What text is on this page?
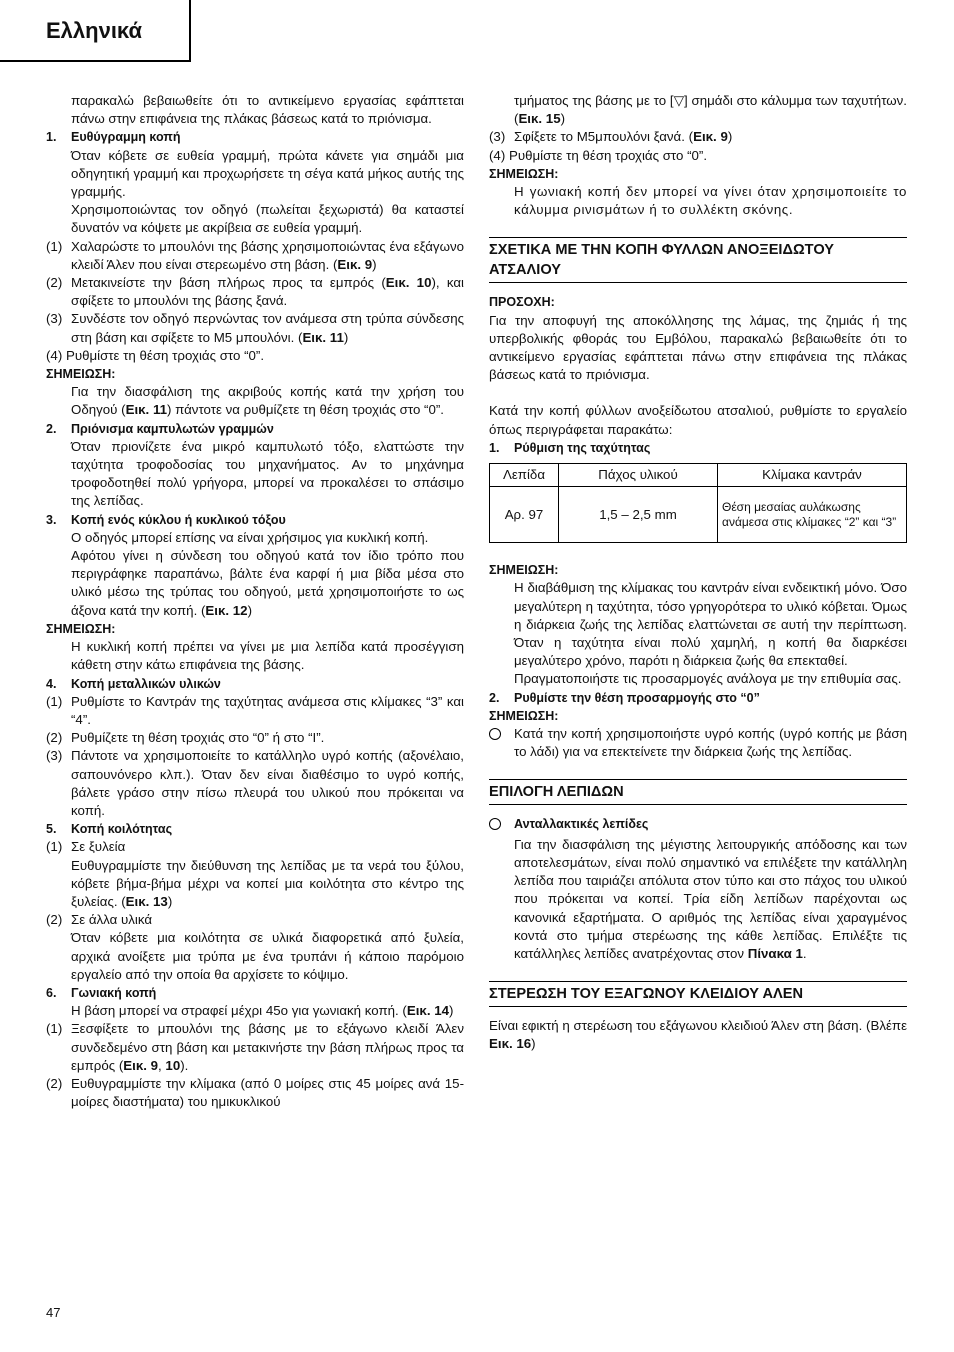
Ελληνικά

παρακαλώ βεβαιωθείτε ότι το αντικείμενο εργασίας εφάπτεται πάνω στην επιφάνεια της πλάκας βάσεως κατά το πριόνισμα.

1.	Ευθύγραμμη κοπή

Όταν κόβετε σε ευθεία γραμμή, πρώτα κάνετε για σημάδι μια οδηγητική γραμμή και προχωρήσετε τη σέγα κατά μήκος αυτής της γραμμής.

Χρησιμοποιώντας τον οδηγό (πωλείται ξεχωριστά) θα καταστεί δυνατόν να κόψετε με ακρίβεια σε ευθεία γραμμή.

(1) Χαλαρώστε το μπουλόνι της βάσης χρησιμοποιώντας ένα εξάγωνο κλειδί Άλεν που είναι στερεωμένο στη βάση. (Εικ. 9)
(2) Μετακινείστε την βάση πλήρως προς τα εμπρός (Εικ. 10), και σφίξετε το μπουλόνι της βάσης ξανά.
(3) Συνδέστε τον οδηγό περνώντας τον ανάμεσα στη τρύπα σύνδεσης στη βάση και σφίξετε το M5 μπουλόνι. (Εικ. 11)

(4) Ρυθμίστε τη θέση τροχιάς στο “0”.

ΣΗΜΕΙΩΣΗ:

Για την διασφάλιση της ακριβούς κοπής κατά την χρήση του Οδηγού (Εικ. 11) πάντοτε να ρυθμίζετε τη θέση τροχιάς στο “0”.

2.	Πριόνισμα καμπυλωτών γραμμών

Όταν πριονίζετε ένα μικρό καμπυλωτό τόξο, ελαττώστε την ταχύτητα τροφοδοσίας του μηχανήματος. Αν το μηχάνημα τροφοδοτηθεί πολύ γρήγορα, μπορεί να προκαλέσει το σπάσιμο της λεπίδας.

3.	Κοπή ενός κύκλου ή κυκλικού τόξου

Ο οδηγός μπορεί επίσης να είναι χρήσιμος για κυκλική κοπή.

Αφότου γίνει η σύνδεση του οδηγού κατά τον ίδιο τρόπο που περιγράφηκε παραπάνω, βάλτε ένα καρφί ή μια βίδα μέσα στο υλικό μέσω της τρύπας του οδηγού, μετά χρησιμοποιήστε το ως άξονα κατά την κοπή. (Εικ. 12)

ΣΗΜΕΙΩΣΗ:

Η κυκλική κοπή πρέπει να γίνει με μια λεπίδα κατά προσέγγιση κάθετη στην κάτω επιφάνεια της βάσης.

4.	Κοπή μεταλλικών υλικών
(1) Ρυθμίστε το Καντράν της ταχύτητας ανάμεσα στις κλίμακες “3” και “4”.
(2) Ρυθμίζετε τη θέση τροχιάς στο “0” ή στο “I”.
(3) Πάντοτε να χρησιμοποιείτε το κατάλληλο υγρό κοπής (αξονέλαιο, σαπουνόνερο κλπ.). Όταν δεν είναι διαθέσιμο το υγρό κοπής, βάλετε γράσο στην πίσω πλευρά του υλικού που πρόκειται να κοπή.
5.	Κοπή κοιλότητας
(1) Σε ξυλεία
Ευθυγραμμίστε την διεύθυνση της λεπίδας με τα νερά του ξύλου, κόβετε βήμα-βήμα μέχρι να κοπεί μια κοιλότητα στο κέντρο της ξυλείας. (Εικ. 13)
(2) Σε άλλα υλικά
Όταν κόβετε μια κοιλότητα σε υλικά διαφορετικά από ξυλεία, αρχικά ανοίξετε μια τρύπα με ένα τρυπάνι ή κάποιο παρόμοιο εργαλείο από την οποία θα αρχίσετε το κόψιμο.
6.	Γωνιακή κοπή

Η βάση μπορεί να στραφεί μέχρι 45ο για γωνιακή κοπή. (Εικ. 14)

(1) Ξεσφίξετε το μπουλόνι της βάσης με το εξάγωνο κλειδί Άλεν συνδεδεμένο στη βάση και μετακινήστε την βάση πλήρως προς τα εμπρός (Εικ. 9, 10).
(2) Ευθυγραμμίστε την κλίμακα (από 0 μοίρες στις 45 μοίρες ανά 15-μοίρες διαστήματα) του ημικυκλικού

τμήματος της βάσης με το [▽] σημάδι στο κάλυμμα των ταχυτήτων. (Εικ. 15)

(3) Σφίξετε το M5μπουλόνι ξανά. (Εικ. 9)

(4) Ρυθμίστε τη θέση τροχιάς στο “0”.

ΣΗΜΕΙΩΣΗ:

Η γωνιακή κοπή δεν μπορεί να γίνει όταν χρησιμοποιείτε το κάλυμμα ρινισμάτων ή το συλλέκτη σκόνης.

ΣΧΕΤΙΚΑ ΜΕ ΤΗΝ ΚΟΠΗ ΦΥΛΛΩΝ ΑΝΟΞΕΙΔΩΤΟΥ ΑΤΣΑΛΙΟΥ
ΠΡΟΣΟΧΗ:

Για την αποφυγή της αποκόλλησης της λάμας, της ζημιάς ή της υπερβολικής φθοράς του Εμβόλου, παρακαλώ βεβαιωθείτε ότι το αντικείμενο εργασίας εφάπτεται πάνω στην επιφάνεια της πλάκας βάσεως κατά το πριόνισμα.

Κατά την κοπή φύλλων ανοξείδωτου ατσαλιού, ρυθμίστε το εργαλείο όπως περιγράφεται παρακάτω:

1.	Ρύθμιση της ταχύτητας
Λεπίδα	Πάχος υλικού	Κλίμακα καντράν
Αρ. 97	1,5 – 2,5 mm	Θέση μεσαίας αυλάκωσης ανάμεσα στις κλίμακες “2” και “3”
ΣΗΜΕΙΩΣΗ:

Η διαβάθμιση της κλίμακας του καντράν είναι ενδεικτική μόνο. Όσο μεγαλύτερη η ταχύτητα, τόσο γρηγορότερα το υλικό κόβεται. Όμως η διάρκεια ζωής της λεπίδας ελαττώνεται σε αυτή την περίπτωση. Όταν η ταχύτητα είναι πολύ χαμηλή, η κοπή θα διαρκέσει μεγαλύτερο χρόνο, παρότι η διάρκεια ζωής θα επεκταθεί.

Πραγματοποιήστε τις προσαρμογές ανάλογα με την επιθυμία σας.

2.	Ρυθμίστε την θέση προσαρμογής στο “0”
ΣΗΜΕΙΩΣΗ:
Κατά την κοπή χρησιμοποιήστε υγρό κοπής (υγρό κοπής με βάση το λάδι) για να επεκτείνετε την διάρκεια ζωής της λεπίδας.
ΕΠΙΛΟΓΗ ΛΕΠΙΔΩΝ
Ανταλλακτικές λεπίδες

Για την διασφάλιση της μέγιστης λειτουργικής απόδοσης και των αποτελεσμάτων, είναι πολύ σημαντικό να επιλέξετε την κατάλληλη λεπίδα που ταιριάζει απόλυτα στον τύπο και στο πάχος του υλικού που πρόκειται να κοπεί. Τρία είδη λεπίδων παρέχονται ως κανονικά εξαρτήματα. Ο αριθμός της λεπίδας είναι χαραγμένος κοντά στο τμήμα στερέωσης της κάθε λεπίδας. Επιλέξτε τις κατάλληλες λεπίδες ανατρέχοντας στον Πίνακα 1.

ΣΤΕΡΕΩΣΗ ΤΟΥ ΕΞΑΓΩΝΟΥ ΚΛΕΙΔΙΟΥ ΑΛΕΝ

Είναι εφικτή η στερέωση του εξάγωνου κλειδιού Άλεν στη βάση. (Βλέπε Εικ. 16)

47
